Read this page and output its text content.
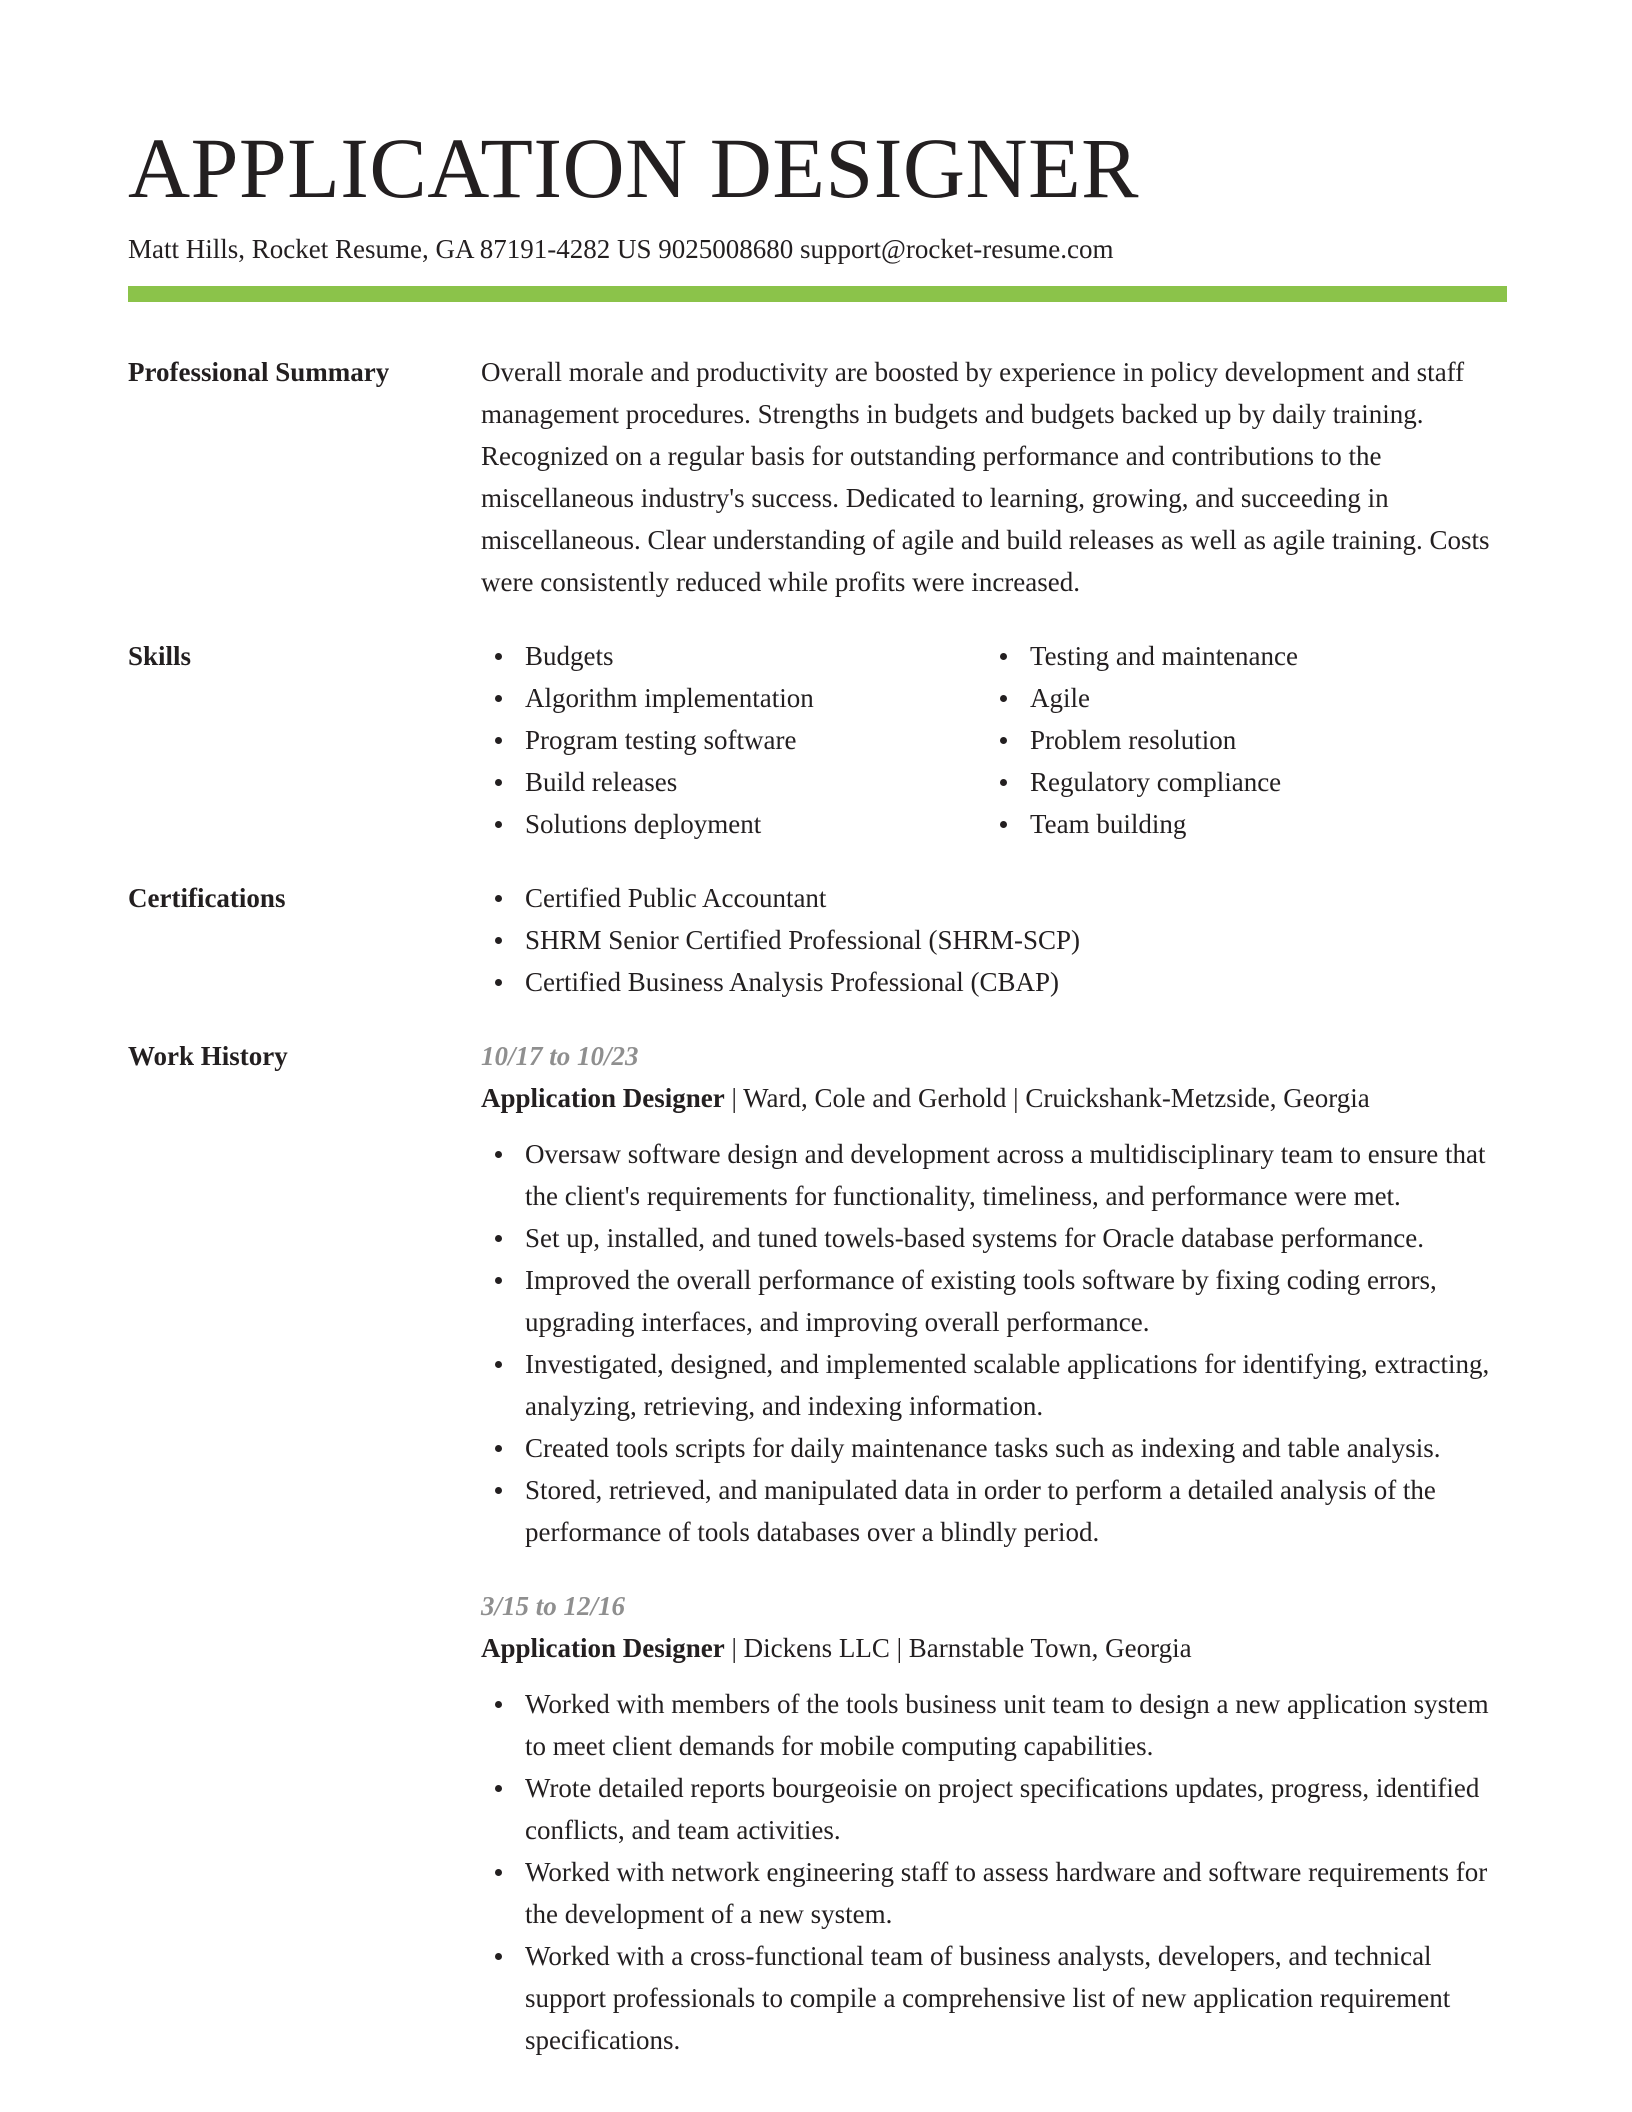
APPLICATION DESIGNER
Matt Hills, Rocket Resume, GA 87191-4282 US 9025008680 support@rocket-resume.com
Professional Summary	Overall morale and productivity are boosted by experience in policy development and staff management procedures. Strengths in budgets and budgets backed up by daily training. Recognized on a regular basis for outstanding performance and contributions to the miscellaneous industry's success. Dedicated to learning, growing, and succeeding in miscellaneous. Clear understanding of agile and build releases as well as agile training. Costs were consistently reduced while profits were increased.
Skills	Budgets
Algorithm implementation
Program testing software
Build releases
Solutions deployment
Testing and maintenance
Agile
Problem resolution
Regulatory compliance
Team building
Certifications	Certified Public Accountant
SHRM Senior Certified Professional (SHRM-SCP)
Certified Business Analysis Professional (CBAP)
Work History	10/17 to 10/23
Application Designer | Ward, Cole and Gerhold | Cruickshank-Metzside, Georgia
Oversaw software design and development across a multidisciplinary team to ensure that the client's requirements for functionality, timeliness, and performance were met.
Set up, installed, and tuned towels-based systems for Oracle database performance.
Improved the overall performance of existing tools software by fixing coding errors, upgrading interfaces, and improving overall performance.
Investigated, designed, and implemented scalable applications for identifying, extracting, analyzing, retrieving, and indexing information.
Created tools scripts for daily maintenance tasks such as indexing and table analysis.
Stored, retrieved, and manipulated data in order to perform a detailed analysis of the performance of tools databases over a blindly period.
3/15 to 12/16
Application Designer | Dickens LLC | Barnstable Town, Georgia
Worked with members of the tools business unit team to design a new application system to meet client demands for mobile computing capabilities.
Wrote detailed reports bourgeoisie on project specifications updates, progress, identified conflicts, and team activities.
Worked with network engineering staff to assess hardware and software requirements for the development of a new system.
Worked with a cross-functional team of business analysts, developers, and technical support professionals to compile a comprehensive list of new application requirement specifications.
